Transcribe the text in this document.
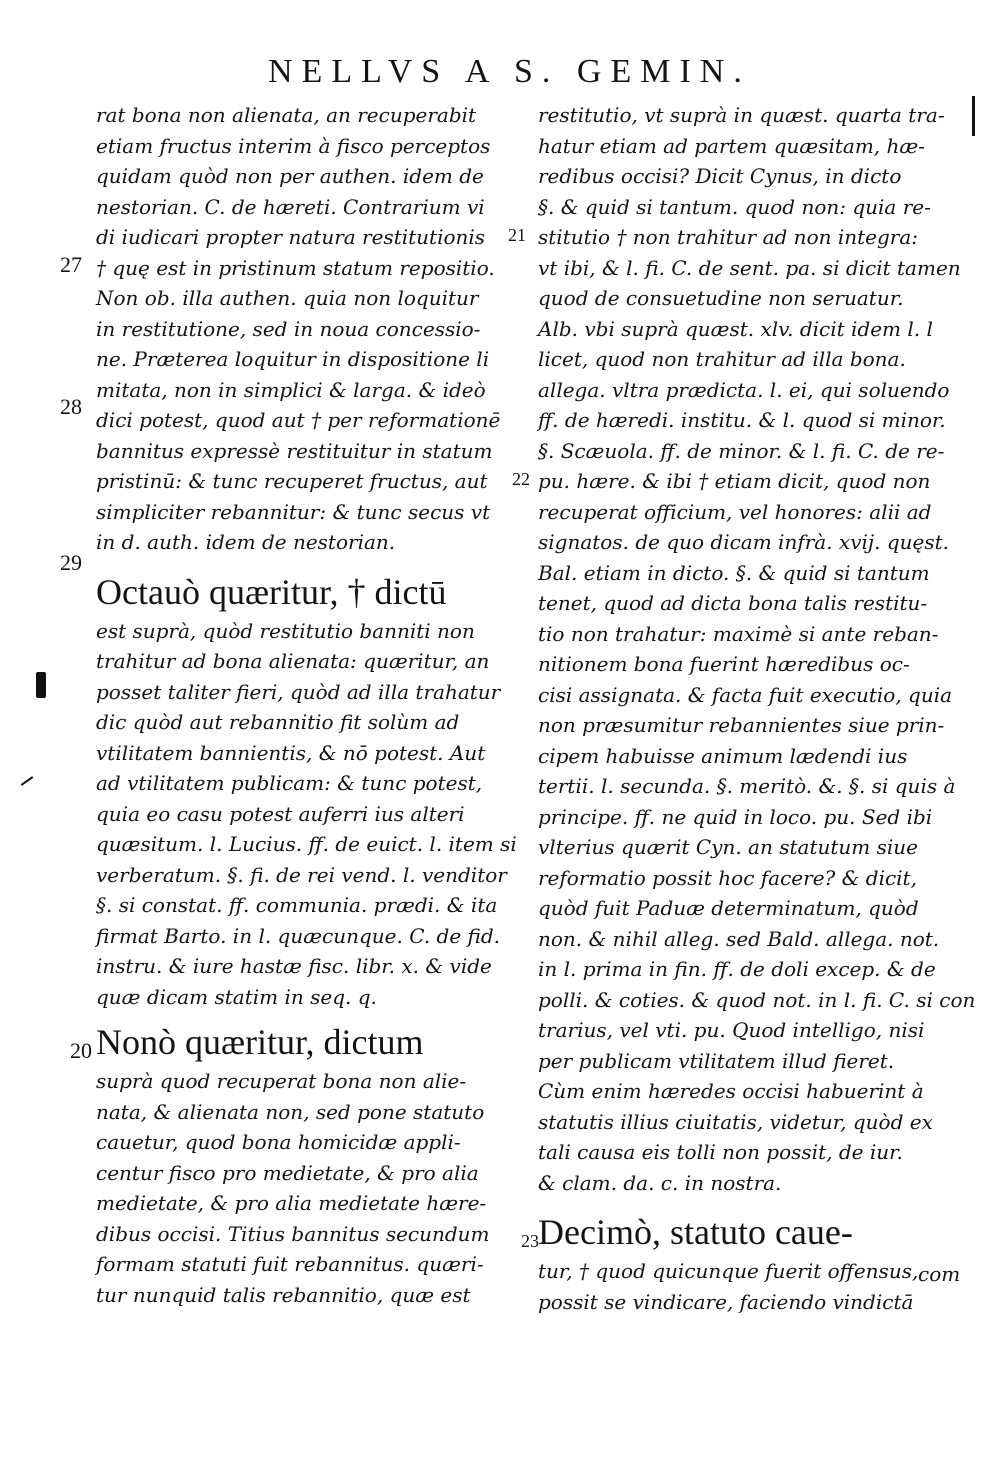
NELLVS A S. GEMIN.
rat bona non alienata, an recuperabit
etiam fructus interim à fisco perceptos
quidam quòd non per authen. idem de
nestorian. C. de hæreti. Contrarium vi
di iudicari propter natura restitutionis
† quę est in pristinum statum repositio.
Non ob. illa authen. quia non loquitur
in restitutione, sed in noua concessio-
ne. Præterea loquitur in dispositione li
mitata, non in simplici & larga. & ideò
dici potest, quod aut † per reformationē
bannitus expressè restituitur in statum
pristinū: & tunc recuperet fructus, aut
simpliciter rebannitur: & tunc secus vt
in d. auth. idem de nestorian.
Octauò quæritur, † dictū
est suprà, quòd restitutio banniti non
trahitur ad bona alienata: quæritur, an
posset taliter fieri, quòd ad illa trahatur
dic quòd aut rebannitio fit solùm ad
vtilitatem bannientis, & nō potest. Aut
ad vtilitatem publicam: & tunc potest,
quia eo casu potest auferri ius alteri
quæsitum. l. Lucius. ff. de euict. l. item si
verberatum. §. fi. de rei vend. l. venditor
§. si constat. ff. communia. prædi. & ita
firmat Barto. in l. quæcunque. C. de fid.
instru. & iure hastæ fisc. libr. x. & vide
quæ dicam statim in seq. q.
Nonò quæritur, dictum
suprà quod recuperat bona non alie-
nata, & alienata non, sed pone statuto
cauetur, quod bona homicidæ appli-
centur fisco pro medietate, & pro alia
medietate, & pro alia medietate hære-
dibus occisi. Titius bannitus secundum
formam statuti fuit rebannitus. quæri-
tur nunquid talis rebannitio, quæ est
27
28
29
20
restitutio, vt suprà in quæst. quarta tra-
hatur etiam ad partem quæsitam, hæ-
redibus occisi? Dicit Cynus, in dicto
§. & quid si tantum. quod non: quia re-
stitutio † non trahitur ad non integra:
vt ibi, & l. fi. C. de sent. pa. si dicit tamen
quod de consuetudine non seruatur.
Alb. vbi suprà quæst. xlv. dicit idem l. l
licet, quod non trahitur ad illa bona.
allega. vltra prædicta. l. ei, qui soluendo
ff. de hæredi. institu. & l. quod si minor.
§. Scæuola. ff. de minor. & l. fi. C. de re-
pu. hære. & ibi † etiam dicit, quod non
recuperat officium, vel honores: alii ad
signatos. de quo dicam infrà. xvij. quęst.
Bal. etiam in dicto. §. & quid si tantum
tenet, quod ad dicta bona talis restitu-
tio non trahatur: maximè si ante reban-
nitionem bona fuerint hæredibus oc-
cisi assignata. & facta fuit executio, quia
non præsumitur rebannientes siue prin-
cipem habuisse animum lædendi ius
tertii. l. secunda. §. meritò. &. §. si quis à
principe. ff. ne quid in loco. pu. Sed ibi
vlterius quærit Cyn. an statutum siue
reformatio possit hoc facere? & dicit,
quòd fuit Paduæ determinatum, quòd
non. & nihil alleg. sed Bald. allega. not.
in l. prima in fin. ff. de doli excep. & de
polli. & coties. & quod not. in l. fi. C. si con
trarius, vel vti. pu. Quod intelligo, nisi
per publicam vtilitatem illud fieret.
Cùm enim hæredes occisi habuerint à
statutis illius ciuitatis, videtur, quòd ex
tali causa eis tolli non possit, de iur.
& clam. da. c. in nostra.
Decimò, statuto caue-
tur, † quod quicunque fuerit offensus,
possit se vindicare, faciendo vindictā
21
22
23
com
